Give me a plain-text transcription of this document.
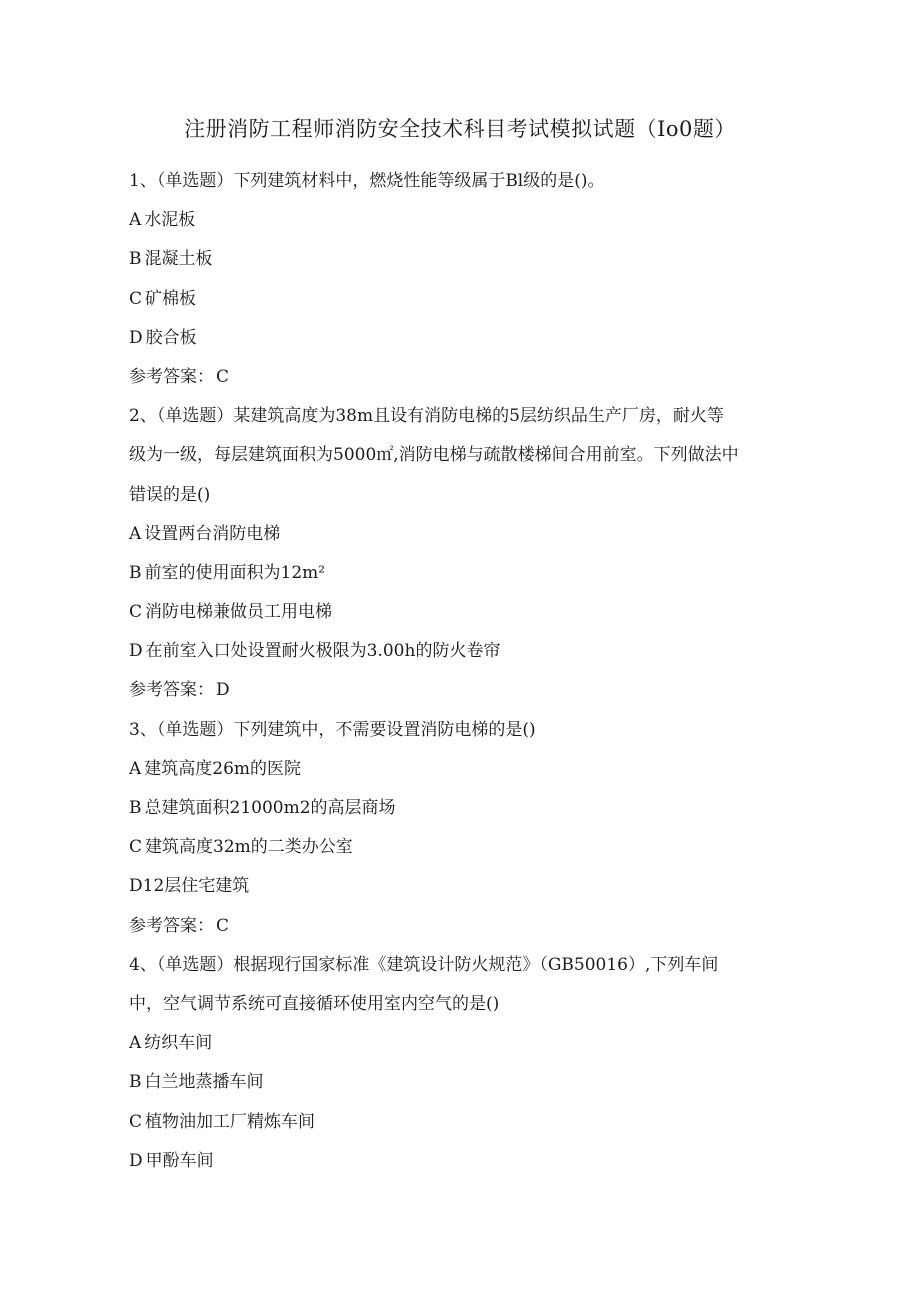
注册消防工程师消防安全技术科目考试模拟试题（Io0题）
1、（单选题）下列建筑材料中，燃烧性能等级属于Bl级的是()。
A 水泥板
B 混凝土板
C 矿棉板
D 胶合板
参考答案： C
2、（单选题）某建筑高度为38m且设有消防电梯的5层纺织品生产厂房，耐火等
级为一级，每层建筑面积为5000㎡,消防电梯与疏散楼梯间合用前室。下列做法中
错误的是()
A 设置两台消防电梯
B 前室的使用面积为12m²
C 消防电梯兼做员工用电梯
D 在前室入口处设置耐火极限为3.00h的防火卷帘
参考答案： D
3、（单选题）下列建筑中，不需要设置消防电梯的是()
A 建筑高度26m的医院
B 总建筑面积21000m2的高层商场
C 建筑高度32m的二类办公室
D12层住宅建筑
参考答案： C
4、（单选题）根据现行国家标准《建筑设计防火规范》（GB50016）,下列车间
中，空气调节系统可直接循环使用室内空气的是()
A 纺织车间
B 白兰地蒸播车间
C 植物油加工厂精炼车间
D 甲酚车间
